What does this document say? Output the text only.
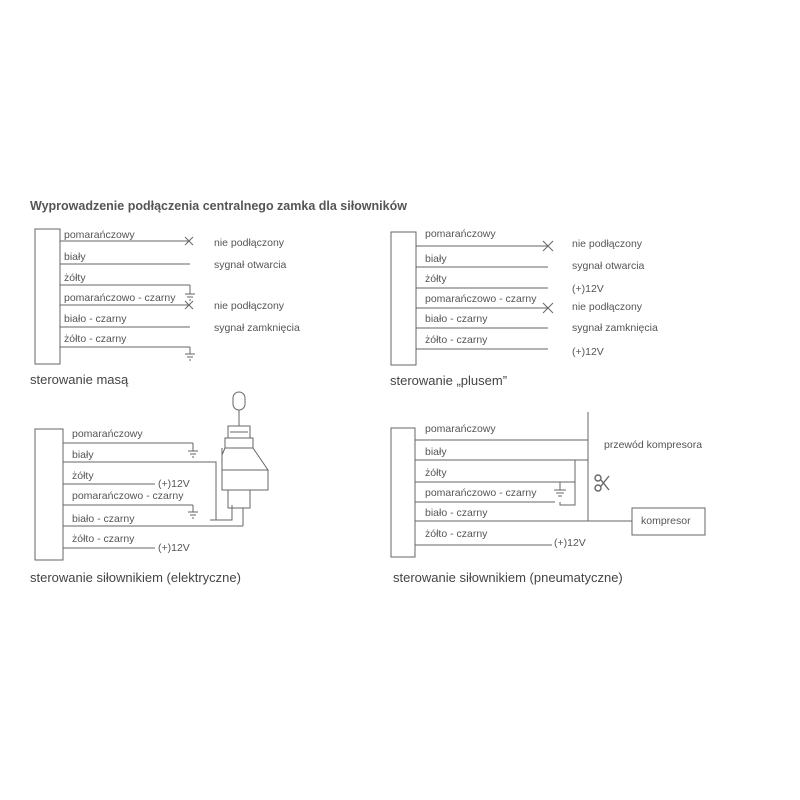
Wyprowadzenie podłączenia centralnego zamka dla siłowników
pomarańczowy
biały
żółty
pomarańczowo - czarny
biało - czarny
żółto - czarny
nie podłączony
sygnał otwarcia
nie podłączony
sygnał zamknięcia
sterowanie masą
pomarańczowy
biały
żółty
pomarańczowo - czarny
biało - czarny
żółto - czarny
nie podłączony
sygnał otwarcia
(+)12V
nie podłączony
sygnał zamknięcia
(+)12V
sterowanie „plusem”
pomarańczowy
biały
żółty
pomarańczowo - czarny
biało - czarny
żółto - czarny
(+)12V
(+)12V
sterowanie siłownikiem (elektryczne)
pomarańczowy
biały
żółty
pomarańczowo - czarny
biało - czarny
żółto - czarny
przewód kompresora
(+)12V
kompresor
sterowanie siłownikiem (pneumatyczne)
